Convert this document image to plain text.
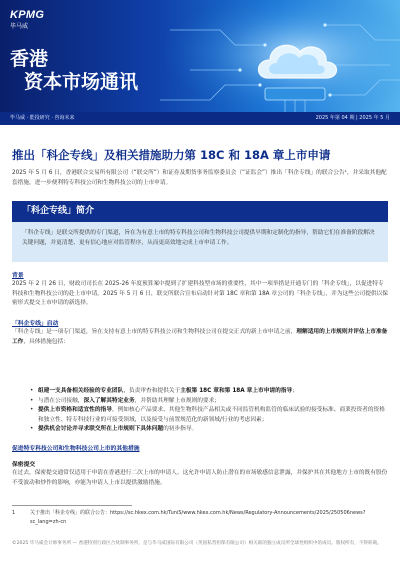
KPMG
毕马威
香港
资本市场通讯
毕马威 · 能投研究 · 咨询未来	2025 年第 04 期 | 2025 年 5 月
推出「科企专线」及相关措施助力第 18C 和 18A 章上市申请
2025 年 5 月 6 日，香港联合交易所有限公司（“联交所”）和证券及期货事务监察委员会（“证监会”）推出「科企专线」的联合公告¹，并采取其他配套措施，进一步便利特专科技公司和生物科技公司的上市申请。
「科企专线」简介
「科企专线」是联交所提供的专门渠道，旨在为有意上市的特专科技公司和生物科技公司提供早期和定制化的指导，帮助它们在准备阶段解决关键问题，并更清楚、更有信心地应对监管程序，从而更高效地完成上市申请工作。
背景
2025 年 2 月 26 日，财政司司长在 2025-26 年度预算案中提到了扩建科技型市场的重要性，其中一项举措是开通专门的「科企专线」，以促进特专科技和生物科技公司的赴上市申请。2025 年 5 月 6 日，联交所联合宣布启动针对第 18C 章和第 18A 章公司的「科企专线」，并为这些公司提供以保密形式提交上市申请的新选择。
「科企专线」启动
「科企专线」是一项专门渠道，旨在支持有意上市的特专科技公司和生物科技公司在提交正式的新上市申请之前，理解适用的上市规则并评估上市准备工作，具体措施包括：
• 组建一支具备相关经验的专业团队，负责审查和提供关于主板第 18C 章和第 18A 章上市申请的指导；
• 与潜在公司接触，深入了解其特定业务，并帮助其理解上市规则的要求；
• 提供上市资格和适宜性的指导，例如核心产品要求、其他生物科技产品相关或不同监管机构监管的临床试验的接受标准、商業投资者的资格和独立性、特专科技行业的可接受领域，以及接受与前置规范化的新领域/行业的考虑因素；
• 提供机会讨论并寻求联交所在上市规则下具体问题的初步指导。
促进特专科技公司和生物科技公司上市的其他措施
保密提交
在过去，保密提交通常仅适用于申请在香港进行二次上市的申请人。这允许申请人防止潜在的市场敏感信息泄露，并保护其在其他地方上市的既有股份不受波动和炒作的影响，亦能为申请人上市以提供激励措施。
1	关于推出「科企专线」的联合公告：https://sc.hkex.com.hk/TuniS/www.hkex.com.hk/News/Regulatory-Announcements/2025/250506news?sc_lang=zh-cn
©2025 毕马威会计师事务所 — 香港特别行政区合伙制事务所，是与毕马威国际有限公司（英国私营担保有限公司）相关联的独立成员所全球性组织中的成员。版权所有，不得转载。
